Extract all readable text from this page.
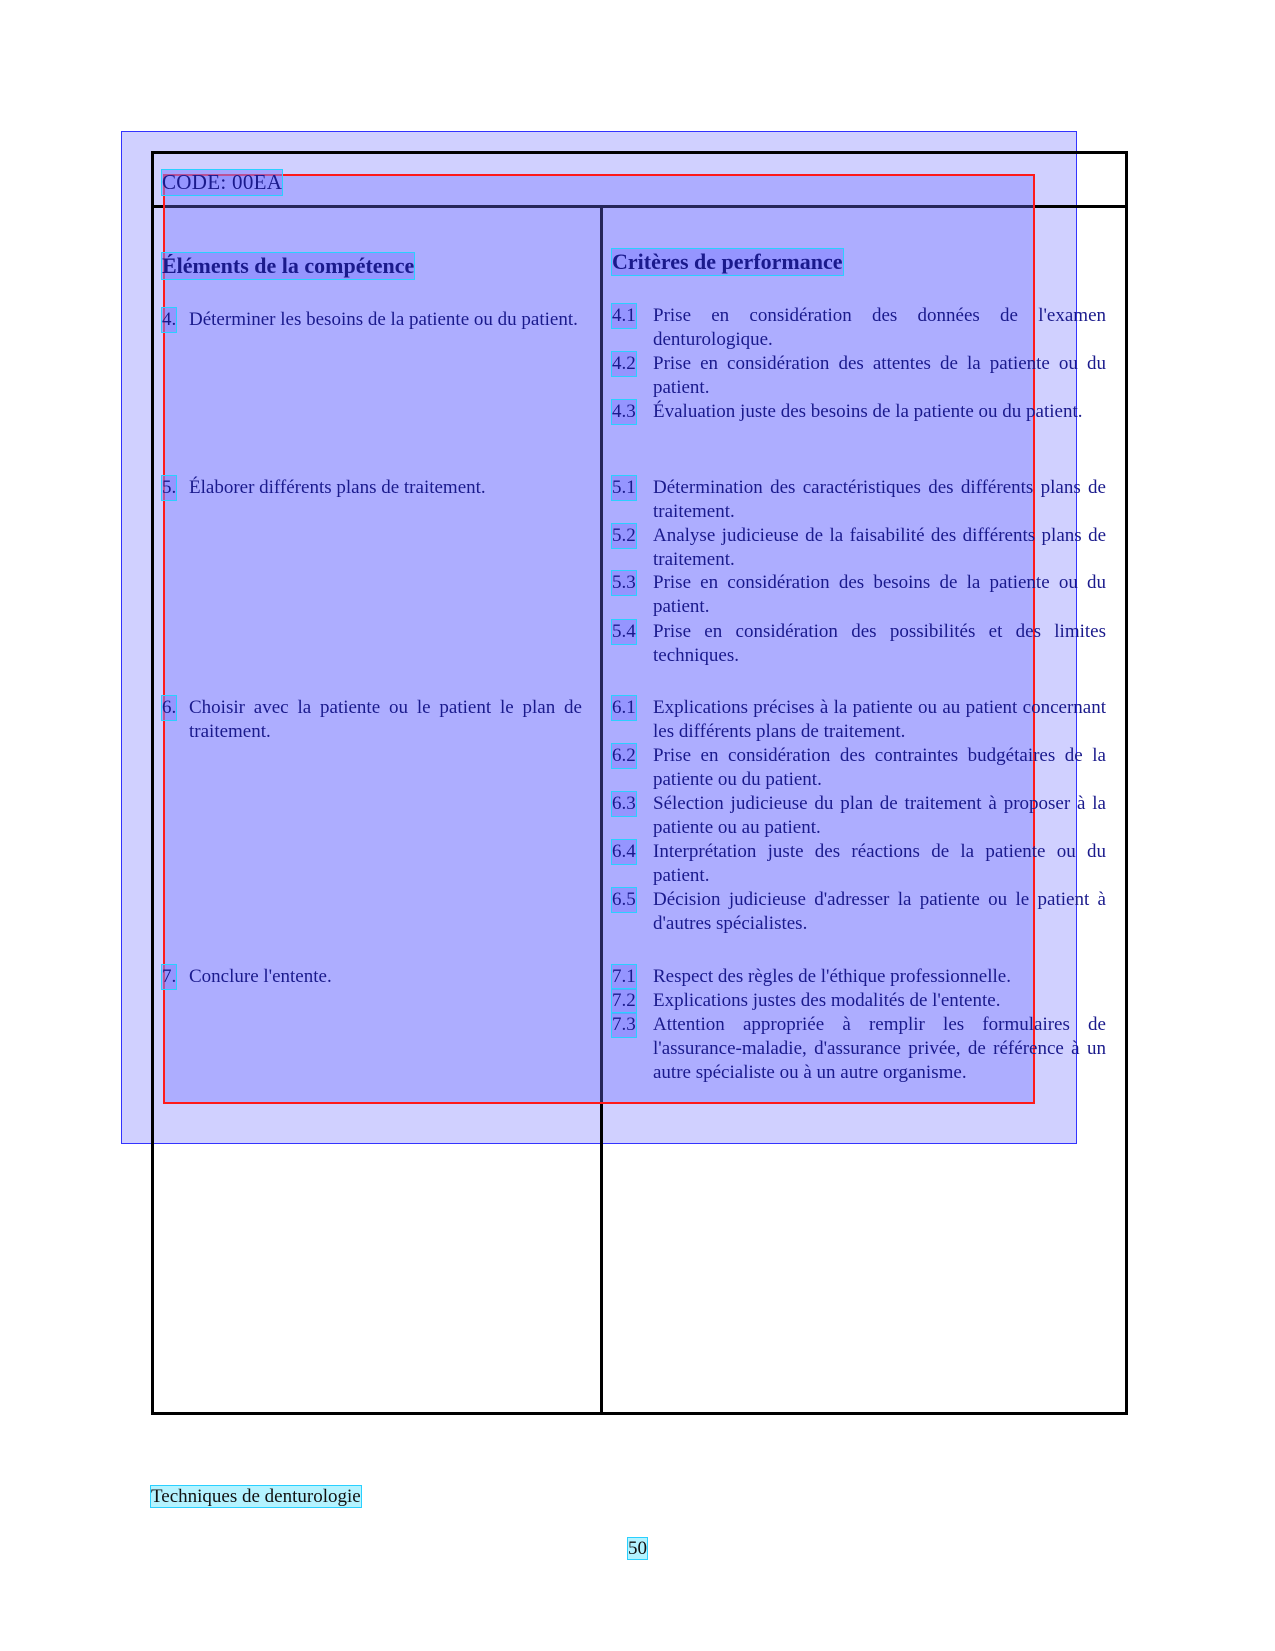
CODE: 00EA
Éléments de la compétence	Critères de performance
4. Déterminer les besoins de la patiente ou du patient.
5. Élaborer différents plans de traitement.
6. Choisir avec la patiente ou le patient le plan de traitement.
7. Conclure l'entente.
4.1 Prise en considération des données de l'examen denturologique.
4.2 Prise en considération des attentes de la patiente ou du patient.
4.3 Évaluation juste des besoins de la patiente ou du patient.
5.1 Détermination des caractéristiques des différents plans de traitement.
5.2 Analyse judicieuse de la faisabilité des différents plans de traitement.
5.3 Prise en considération des besoins de la patiente ou du patient.
5.4 Prise en considération des possibilités et des limites techniques.
6.1 Explications précises à la patiente ou au patient concernant les différents plans de traitement.
6.2 Prise en considération des contraintes budgétaires de la patiente ou du patient.
6.3 Sélection judicieuse du plan de traitement à proposer à la patiente ou au patient.
6.4 Interprétation juste des réactions de la patiente ou du patient.
6.5 Décision judicieuse d'adresser la patiente ou le patient à d'autres spécialistes.
7.1 Respect des règles de l'éthique professionnelle.
7.2 Explications justes des modalités de l'entente.
7.3 Attention appropriée à remplir les formulaires de l'assurance-maladie, d'assurance privée, de référence à un autre spécialiste ou à un autre organisme.
Techniques de denturologie
50
